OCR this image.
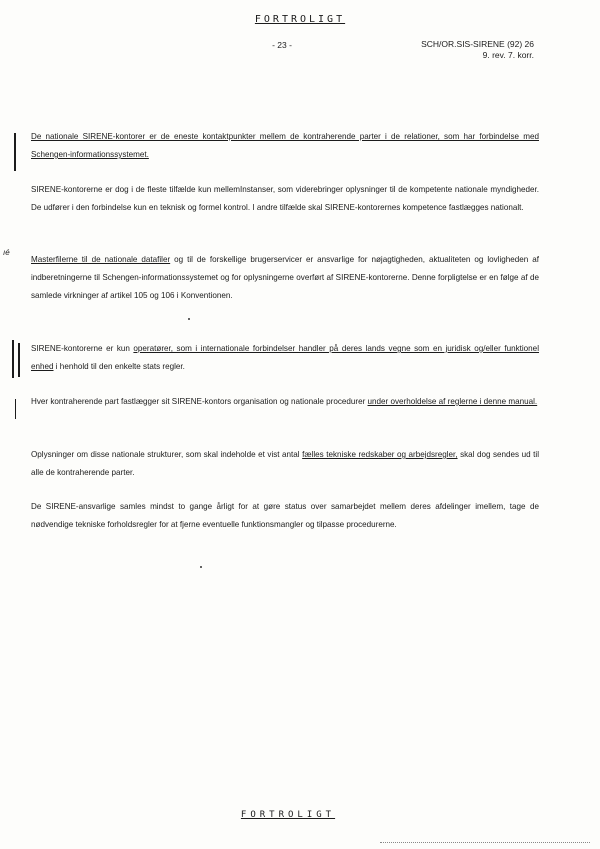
FORTROLIGT
- 23 -	SCH/OR.SIS-SIRENE (92) 26
9. rev. 7. korr.
ıé

De nationale SIRENE-kontorer er de eneste kontaktpunkter mellem de kontraherende parter i de relationer, som har forbindelse med Schengen-informationssystemet.

SIRENE-kontorerne er dog i de fleste tilfælde kun mellemInstanser, som viderebringer oplysninger til de kompetente nationale myndigheder. De udfører i den forbindelse kun en teknisk og formel kontrol. I andre tilfælde skal SIRENE-kontorernes kompetence fastlægges nationalt.

Masterfilerne til de nationale datafiler og til de forskellige brugerservicer er ansvarlige for nøjagtigheden, aktualiteten og lovligheden af indberetningerne til Schengen-informationssystemet og for oplysningerne overført af SIRENE-kontorerne. Denne forpligtelse er en følge af de samlede virkninger af artikel 105 og 106 i Konventionen.

SIRENE-kontorerne er kun operatører, som i internationale forbindelser handler på deres lands vegne som en juridisk og/eller funktionel enhed i henhold til den enkelte stats regler.

Hver kontraherende part fastlægger sit SIRENE-kontors organisation og nationale procedurer under overholdelse af reglerne i denne manual.

Oplysninger om disse nationale strukturer, som skal indeholde et vist antal fælles tekniske redskaber og arbejdsregler, skal dog sendes ud til alle de kontraherende parter.

De SIRENE-ansvarlige samles mindst to gange årligt for at gøre status over samarbejdet mellem deres afdelinger imellem, tage de nødvendige tekniske forholdsregler for at fjerne eventuelle funktionsmangler og tilpasse procedurerne.

FORTROLIGT
